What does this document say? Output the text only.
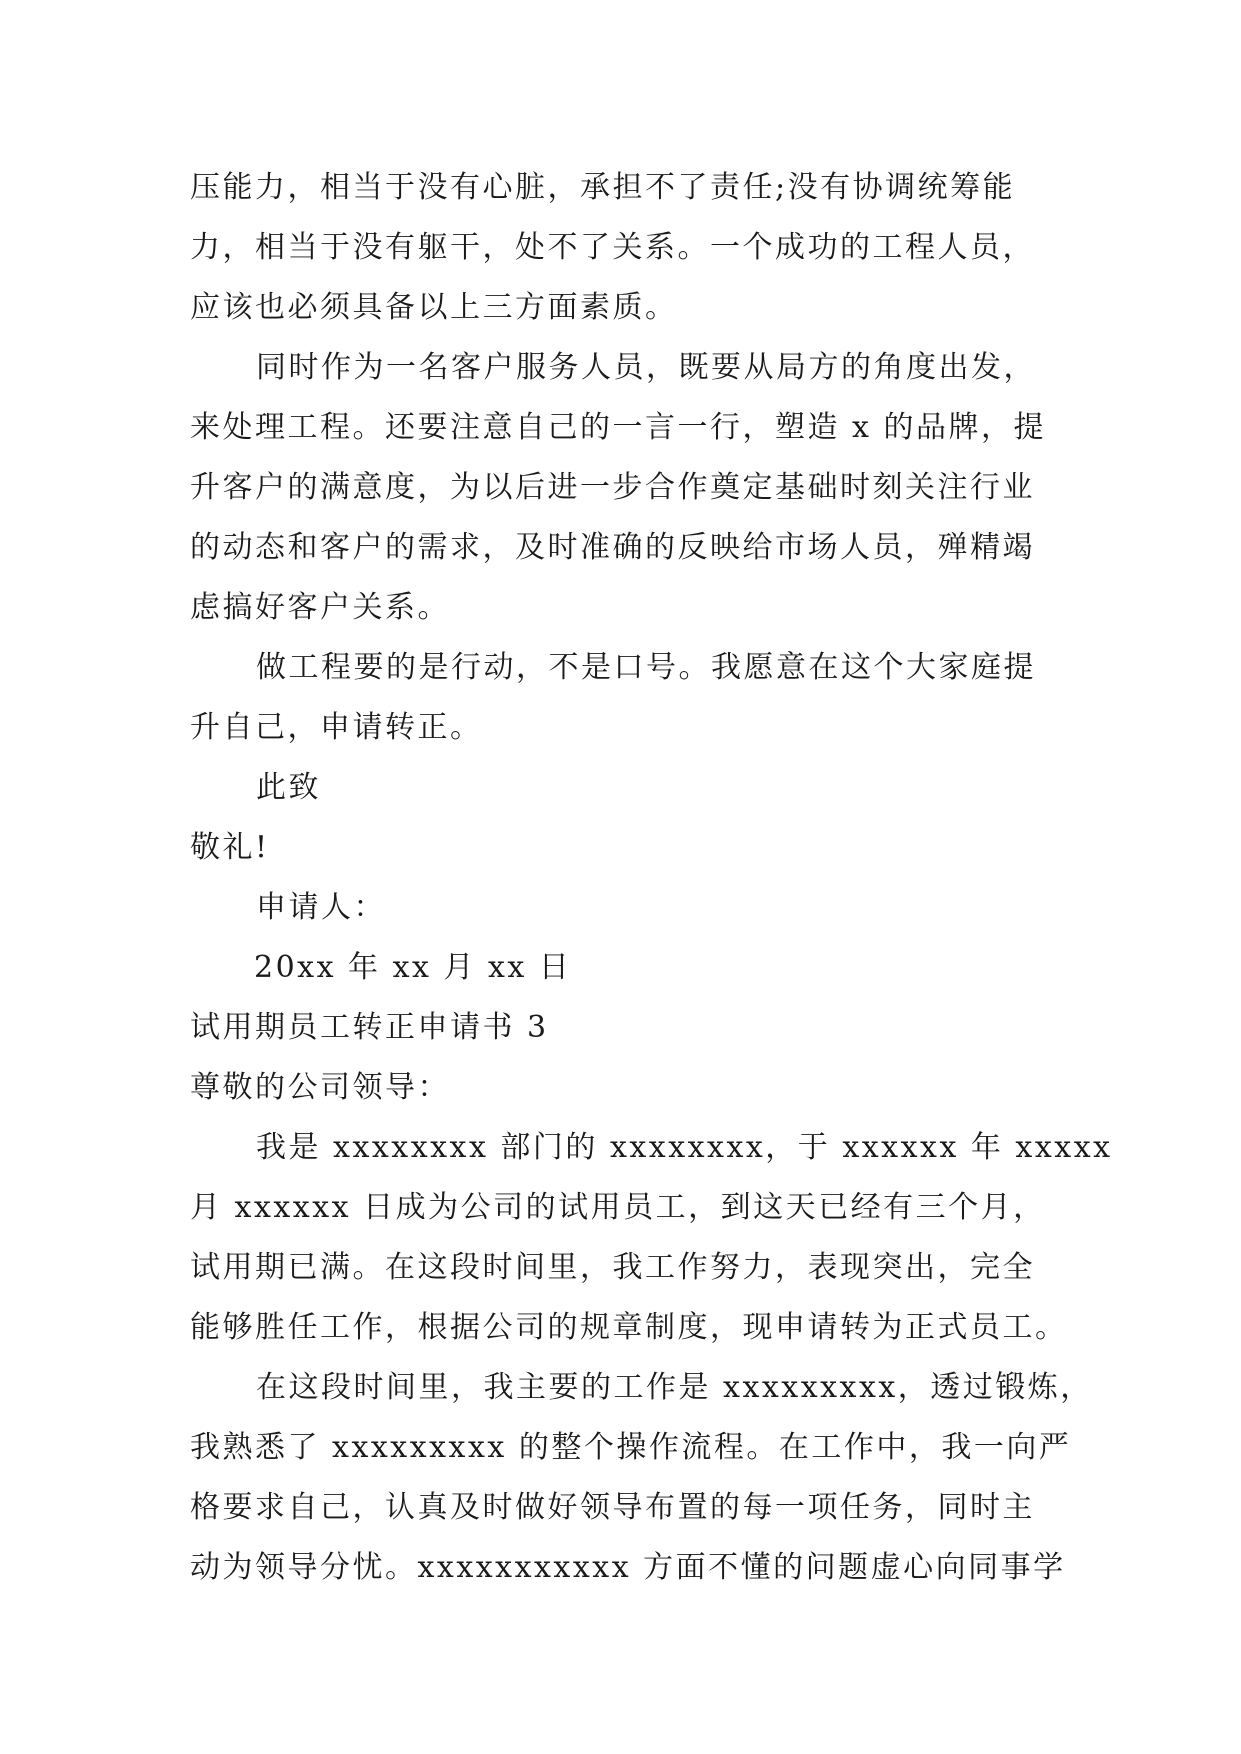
压能力，相当于没有心脏，承担不了责任;没有协调统筹能
力，相当于没有躯干，处不了关系。一个成功的工程人员，
应该也必须具备以上三方面素质。
同时作为一名客户服务人员，既要从局方的角度出发，
来处理工程。还要注意自己的一言一行，塑造 x 的品牌，提
升客户的满意度，为以后进一步合作奠定基础时刻关注行业
的动态和客户的需求，及时准确的反映给市场人员，殚精竭
虑搞好客户关系。
做工程要的是行动，不是口号。我愿意在这个大家庭提
升自己，申请转正。
此致
敬礼!
申请人：
20xx 年 xx 月 xx 日
试用期员工转正申请书 3
尊敬的公司领导：
我是 xxxxxxxx 部门的 xxxxxxxx，于 xxxxxx 年 xxxxx
月 xxxxxx 日成为公司的试用员工，到这天已经有三个月，
试用期已满。在这段时间里，我工作努力，表现突出，完全
能够胜任工作，根据公司的规章制度，现申请转为正式员工。
在这段时间里，我主要的工作是 xxxxxxxxx，透过锻炼，
我熟悉了 xxxxxxxxx 的整个操作流程。在工作中，我一向严
格要求自己，认真及时做好领导布置的每一项任务，同时主
动为领导分忧。xxxxxxxxxxx 方面不懂的问题虚心向同事学
